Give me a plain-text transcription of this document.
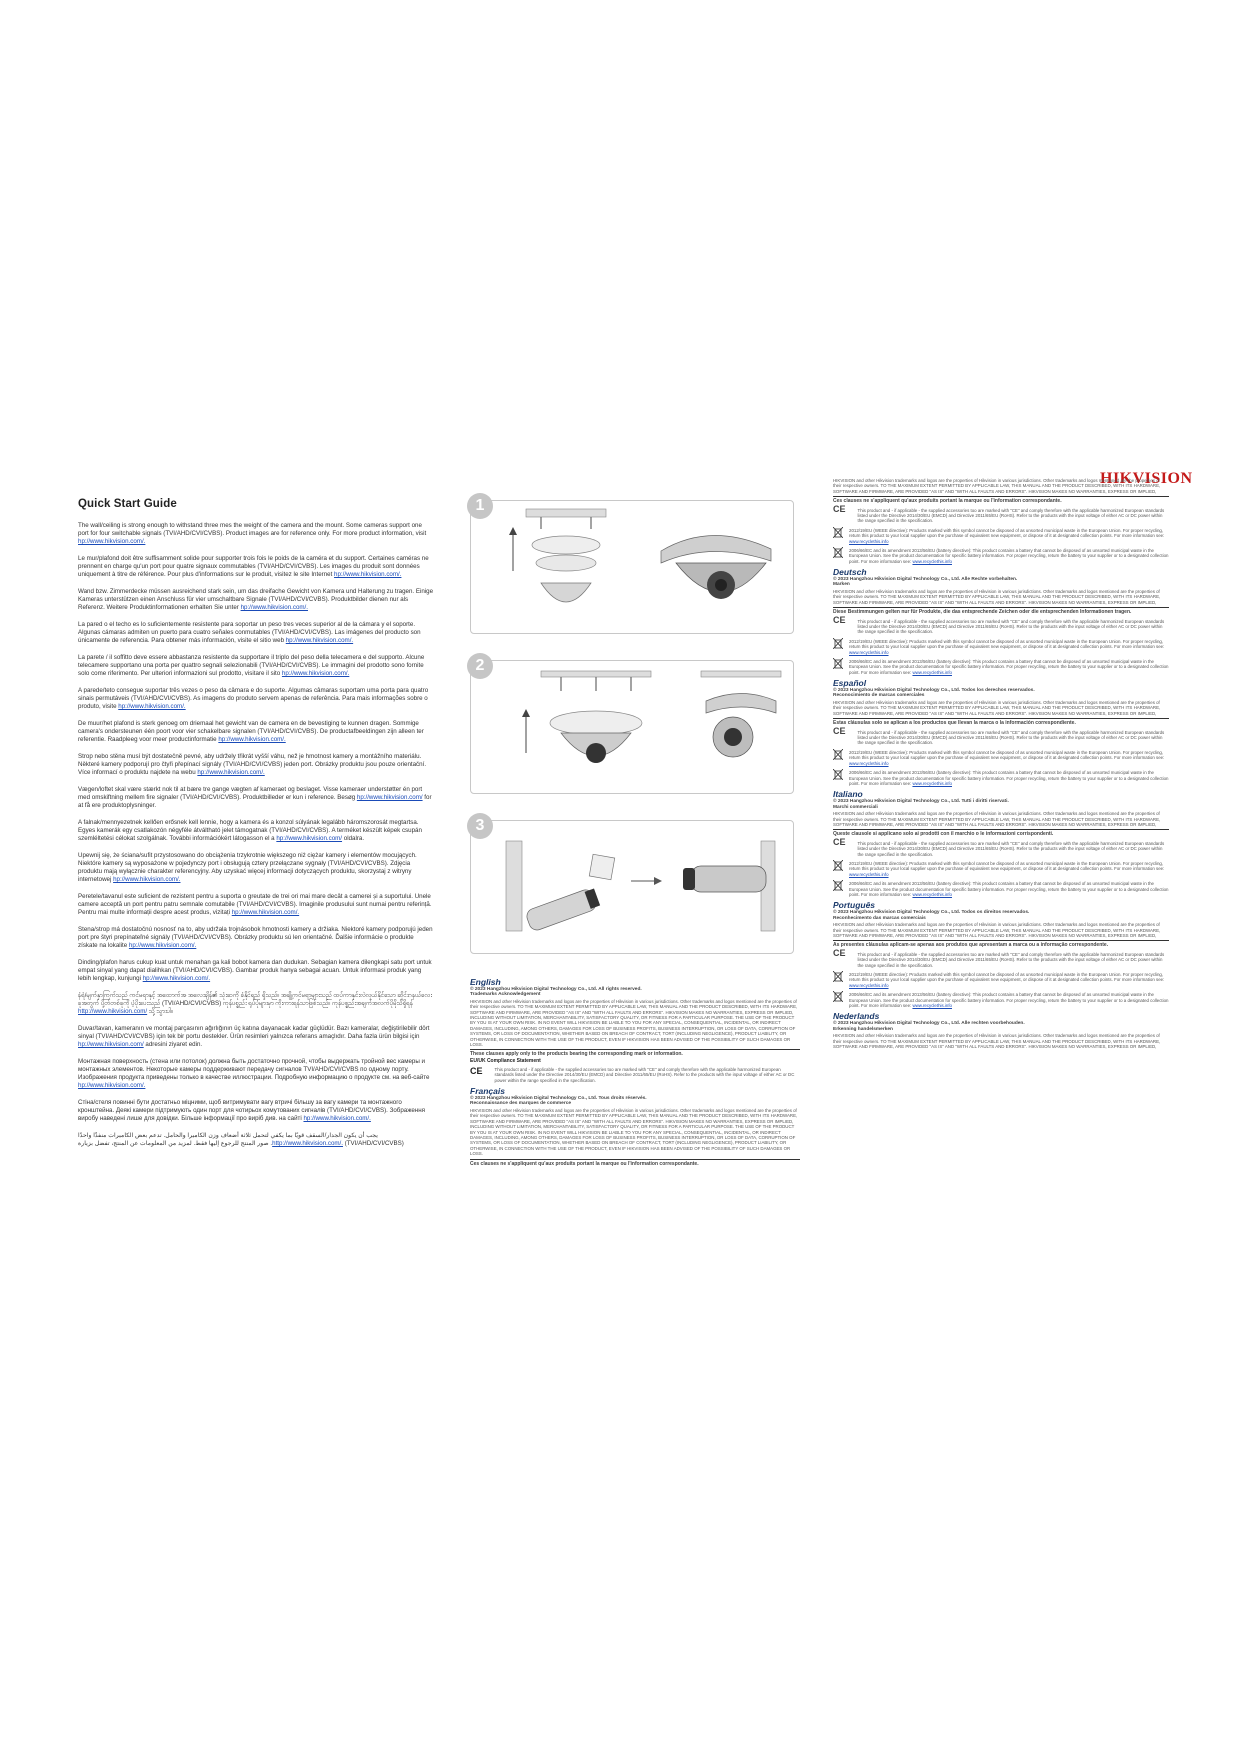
HIKVISION
Quick Start Guide
The wall/ceiling is strong enough to withstand three mes the weight of the camera and the mount. Some cameras support one port for four switchable signals (TVI/AHD/CVI/CVBS). Product images are for reference only. For more product information, visit hp://www.hikvision.com/.
Le mur/plafond doit être suffisamment solide pour supporter trois fois le poids de la caméra et du support. Certaines caméras ne prennent en charge qu'un port pour quatre signaux commutables (TVI/AHD/CVI/CVBS). Les images du produit sont données uniquement à titre de référence. Pour plus d'informations sur le produit, visitez le site Internet hp://www.hikvision.com/.
Wand bzw. Zimmerdecke müssen ausreichend stark sein, um das dreifache Gewicht von Kamera und Halterung zu tragen. Einige Kameras unterstützen einen Anschluss für vier umschaltbare Signale (TVI/AHD/CVI/CVBS). Produktbilder dienen nur als Referenz. Weitere Produktinformationen erhalten Sie unter hp://www.hikvision.com/.
La pared o el techo es lo suficientemente resistente para soportar un peso tres veces superior al de la cámara y el soporte. Algunas cámaras admiten un puerto para cuatro señales conmutables (TVI/AHD/CVI/CVBS). Las imágenes del producto son únicamente de referencia. Para obtener más información, visite el sitio web hp://www.hikvision.com/.
La parete / il soffitto deve essere abbastanza resistente da supportare il triplo del peso della telecamera e del supporto. Alcune telecamere supportano una porta per quattro segnali selezionabili (TVI/AHD/CVI/CVBS). Le immagini del prodotto sono fornite solo come riferimento. Per ulteriori informazioni sul prodotto, visitare il sito hp://www.hikvision.com/.
A parede/teto consegue suportar três vezes o peso da câmara e do suporte. Algumas câmaras suportam uma porta para quatro sinais permutáveis (TVI/AHD/CVI/CVBS). As imagens do produto servem apenas de referência. Para mais informações sobre o produto, visite hp://www.hikvision.com/.
De muur/het plafond is sterk genoeg om driemaal het gewicht van de camera en de bevestiging te kunnen dragen. Sommige camera's ondersteunen één poort voor vier schakelbare signalen (TVI/AHD/CVI/CVBS). De productafbeeldingen zijn alleen ter referentie. Raadpleeg voor meer productinformatie hp://www.hikvision.com/.
Strop nebo stěna musí být dostatečně pevné, aby udržely třikrát vyšší váhu, než je hmotnost kamery a montážního materiálu. Některé kamery podporují pro čtyři přepínací signály (TVI/AHD/CVI/CVBS) jeden port. Obrázky produktu jsou pouze orientační. Více informací o produktu najdete na webu hp://www.hikvision.com/.
Vægen/loftet skal være stærkt nok til at bære tre gange vægten af kameraet og beslaget. Visse kameraer understøtter én port med omskiftning mellem fire signaler (TVI/AHD/CVI/CVBS). Produktbilleder er kun i reference. Besøg hp://www.hikvision.com/ for at få ere produktoplysninger.
A falnak/mennyezetnek kellően erősnek kell lennie, hogy a kamera és a konzol súlyának legalább háromszorosát megtartsa. Egyes kamerák egy csatlakozón négyféle átváltható jelet támogatnak (TVI/AHD/CVI/CVBS). A terméket készült képek csupán szemléltetési célokat szolgálnak. További információkért látogasson el a hp://www.hikvision.com/ oldalra.
Upewnij się, że ściana/sufit przystosowano do obciążenia trzykrotnie większego niż ciężar kamery i elementów mocujących. Niektóre kamery są wyposażone w pojedynczy port i obsługują cztery przełączane sygnały (TVI/AHD/CVI/CVBS). Zdjęcia produktu mają wyłącznie charakter referencyjny. Aby uzyskać więcej informacji dotyczących produktu, skorzystaj z witryny internetowej hp://www.hikvision.com/.
Peretele/tavanul este suficient de rezistent pentru a suporta o greutate de trei ori mai mare decât a camerei și a suportului. Unele camere acceptă un port pentru patru semnale comutabile (TVI/AHD/CVI/CVBS). Imaginile produsului sunt numai pentru referință. Pentru mai multe informații despre acest produs, vizitați hp://www.hikvision.com/.
Stena/strop má dostatočnú nosnosť na to, aby udržala trojnásobok hmotnosti kamery a držiaka. Niektoré kamery podporujú jeden port pre štyri prepínateľné signály (TVI/AHD/CVI/CVBS). Obrázky produktu sú len orientačné. Ďalšie informácie o produkte získate na lokalite hp://www.hikvision.com/.
Dinding/plafon harus cukup kuat untuk menahan ga kali bobot kamera dan dudukan. Sebagian kamera dilengkapi satu port untuk empat sinyal yang dapat dialihkan (TVI/AHD/CVI/CVBS). Gambar produk hanya sebagai acuan. Untuk informasi produk yang lebih lengkap, kunjungi hp://www.hikvision.com/.
နံရံ/မျက်နှာကြက်သည် ကင်မရာနှင့် အထောက်အ အလေးချိန်၏ သုံးဆကို ခံနိုင်ရည် ရှိသည်။ အချို့ကင်မရာများသည် ထပ်ကာနှင်းလဲလှယ်နိုင်သော ဆိုင်းဂနယ်လေးခုအတွက် ပို့တ်တစ်ခုကို ပံ့ပိုးပေးသည် (TVI/AHD/CVI/CVBS) ကုန်ပစ္စည်း ရုပ်ပုံများမှာ ကိုးကားရန်သာဖြစ်သည်။ ကုန်ပစ္စည်းအချက်အလက်ပိုမိုသိရှိရန် http://www.hikvision.com/ သို့ သွားပါ။
Duvar/tavan, kameranın ve montaj parçasının ağırlığının üç katına dayanacak kadar güçlüdür. Bazı kameralar, değiştirilebilir dört sinyal (TVI/AHD/CVI/CVBS) için tek bir portu destekler. Ürün resimleri yalnızca referans amaçlıdır. Daha fazla ürün bilgisi için hp://www.hikvision.com/ adresini ziyaret edin.
Монтажная поверхность (стена или потолок) должна быть достаточно прочной, чтобы выдержать тройной вес камеры и монтажных элементов. Некоторые камеры поддерживают передачу сигналов TVI/AHD/CVI/CVBS по одному порту. Изображения продукта приведены только в качестве иллюстрации. Подробную информацию о продукте см. на веб-сайте hp://www.hikvision.com/.
Стіна/стеля повинні бути достатньо міцними, щоб витримувати вагу втричі більшу за вагу камери та монтажного кронштейна. Деякі камери підтримують один порт для чотирьох комутованих сигналів (TVI/AHD/CVI/CVBS). Зображення виробу наведені лише для довідки. Більше інформації про виріб див. на сайті hp://www.hikvision.com/.
يجب أن يكون الجدار/السقف قويًا بما يكفي لتحمل ثلاثة أضعاف وزن الكاميرا والحامل. تدعم بعض الكاميرات منفذًا واحدًا
http://www.hikvision.com/. (TVI/AHD/CVI/CVBS). صور المنتج للرجوع إليها فقط. لمزيد من المعلومات عن المنتج، تفضل بزيارة
1
2
3
English
© 2023 Hangzhou Hikvision Digital Technology Co., Ltd. All rights reserved.
Trademarks Acknowledgement
HIKVISION and other Hikvision trademarks and logos are the properties of Hikvision in various jurisdictions. Other trademarks and logos mentioned are the properties of their respective owners. TO THE MAXIMUM EXTENT PERMITTED BY APPLICABLE LAW, THIS MANUAL AND THE PRODUCT DESCRIBED, WITH ITS HARDWARE, SOFTWARE AND FIRMWARE, ARE PROVIDED "AS IS" AND "WITH ALL FAULTS AND ERRORS". HIKVISION MAKES NO WARRANTIES, EXPRESS OR IMPLIED, INCLUDING WITHOUT LIMITATION, MERCHANTABILITY, SATISFACTORY QUALITY, OR FITNESS FOR A PARTICULAR PURPOSE. THE USE OF THE PRODUCT BY YOU IS AT YOUR OWN RISK. IN NO EVENT WILL HIKVISION BE LIABLE TO YOU FOR ANY SPECIAL, CONSEQUENTIAL, INCIDENTAL, OR INDIRECT DAMAGES, INCLUDING, AMONG OTHERS, DAMAGES FOR LOSS OF BUSINESS PROFITS, BUSINESS INTERRUPTION, OR LOSS OF DATA, CORRUPTION OF SYSTEMS, OR LOSS OF DOCUMENTATION, WHETHER BASED ON BREACH OF CONTRACT, TORT (INCLUDING NEGLIGENCE), PRODUCT LIABILITY, OR OTHERWISE, IN CONNECTION WITH THE USE OF THE PRODUCT, EVEN IF HIKVISION HAS BEEN ADVISED OF THE POSSIBILITY OF SUCH DAMAGES OR LOSS.
These clauses apply only to the products bearing the corresponding mark or information.
EU/UK Compliance Statement
CE	This product and - if applicable - the supplied accessories too are marked with "CE" and comply therefore with the applicable harmonized European standards listed under the Directive 2014/30/EU (EMCD) and Directive 2011/65/EU (RoHS). Refer to the products with the input voltage of either AC or DC power within the range specified in the specification.
Français
© 2023 Hangzhou Hikvision Digital Technology Co., Ltd. Tous droits réservés.
Reconnaissance des marques de commerce
HIKVISION and other Hikvision trademarks and logos are the properties of Hikvision in various jurisdictions. Other trademarks and logos mentioned are the properties of their respective owners. TO THE MAXIMUM EXTENT PERMITTED BY APPLICABLE LAW, THIS MANUAL AND THE PRODUCT DESCRIBED, WITH ITS HARDWARE, SOFTWARE AND FIRMWARE, ARE PROVIDED "AS IS" AND "WITH ALL FAULTS AND ERRORS". HIKVISION MAKES NO WARRANTIES, EXPRESS OR IMPLIED, INCLUDING WITHOUT LIMITATION, MERCHANTABILITY, SATISFACTORY QUALITY, OR FITNESS FOR A PARTICULAR PURPOSE. THE USE OF THE PRODUCT BY YOU IS AT YOUR OWN RISK. IN NO EVENT WILL HIKVISION BE LIABLE TO YOU FOR ANY SPECIAL, CONSEQUENTIAL, INCIDENTAL, OR INDIRECT DAMAGES, INCLUDING, AMONG OTHERS, DAMAGES FOR LOSS OF BUSINESS PROFITS, BUSINESS INTERRUPTION, OR LOSS OF DATA, CORRUPTION OF SYSTEMS, OR LOSS OF DOCUMENTATION, WHETHER BASED ON BREACH OF CONTRACT, TORT (INCLUDING NEGLIGENCE), PRODUCT LIABILITY, OR OTHERWISE, IN CONNECTION WITH THE USE OF THE PRODUCT, EVEN IF HIKVISION HAS BEEN ADVISED OF THE POSSIBILITY OF SUCH DAMAGES OR LOSS.
Ces clauses ne s'appliquent qu'aux produits portant la marque ou l'information correspondante.
HIKVISION and other Hikvision trademarks and logos are the properties of Hikvision in various jurisdictions. Other trademarks and logos mentioned are the properties of their respective owners. TO THE MAXIMUM EXTENT PERMITTED BY APPLICABLE LAW, THIS MANUAL AND THE PRODUCT DESCRIBED, WITH ITS HARDWARE, SOFTWARE AND FIRMWARE, ARE PROVIDED "AS IS" AND "WITH ALL FAULTS AND ERRORS". HIKVISION MAKES NO WARRANTIES, EXPRESS OR IMPLIED,
Ces clauses ne s'appliquent qu'aux produits portant la marque ou l'information correspondante.
CE	This product and - if applicable - the supplied accessories too are marked with "CE" and comply therefore with the applicable harmonized European standards listed under the Directive 2014/30/EU (EMCD) and Directive 2011/65/EU (RoHS). Refer to the products with the input voltage of either AC or DC power within the range specified in the specification.
2012/19/EU (WEEE directive): Products marked with this symbol cannot be disposed of as unsorted municipal waste in the European Union. For proper recycling, return this product to your local supplier upon the purchase of equivalent new equipment, or dispose of it at designated collection points. For more information see: www.recyclethis.info
2006/66/EC and its amendment 2013/56/EU (battery directive): This product contains a battery that cannot be disposed of as unsorted municipal waste in the European Union. See the product documentation for specific battery information. For proper recycling, return the battery to your supplier or to a designated collection point. For more information see: www.recyclethis.info
Deutsch
© 2023 Hangzhou Hikvision Digital Technology Co., Ltd. Alle Rechte vorbehalten.
Marken
HIKVISION and other Hikvision trademarks and logos are the properties of Hikvision in various jurisdictions. Other trademarks and logos mentioned are the properties of their respective owners. TO THE MAXIMUM EXTENT PERMITTED BY APPLICABLE LAW, THIS MANUAL AND THE PRODUCT DESCRIBED, WITH ITS HARDWARE, SOFTWARE AND FIRMWARE, ARE PROVIDED "AS IS" AND "WITH ALL FAULTS AND ERRORS". HIKVISION MAKES NO WARRANTIES, EXPRESS OR IMPLIED,
Diese Bestimmungen gelten nur für Produkte, die das entsprechende Zeichen oder die entsprechenden Informationen tragen.
CE	This product and - if applicable - the supplied accessories too are marked with "CE" and comply therefore with the applicable harmonized European standards listed under the Directive 2014/30/EU (EMCD) and Directive 2011/65/EU (RoHS). Refer to the products with the input voltage of either AC or DC power within the range specified in the specification.
2012/19/EU (WEEE directive): Products marked with this symbol cannot be disposed of as unsorted municipal waste in the European Union. For proper recycling, return this product to your local supplier upon the purchase of equivalent new equipment, or dispose of it at designated collection points. For more information see: www.recyclethis.info
2006/66/EC and its amendment 2013/56/EU (battery directive): This product contains a battery that cannot be disposed of as unsorted municipal waste in the European Union. See the product documentation for specific battery information. For proper recycling, return the battery to your supplier or to a designated collection point. For more information see: www.recyclethis.info
Español
© 2023 Hangzhou Hikvision Digital Technology Co., Ltd. Todos los derechos reservados.
Reconocimiento de marcas comerciales
HIKVISION and other Hikvision trademarks and logos are the properties of Hikvision in various jurisdictions. Other trademarks and logos mentioned are the properties of their respective owners. TO THE MAXIMUM EXTENT PERMITTED BY APPLICABLE LAW, THIS MANUAL AND THE PRODUCT DESCRIBED, WITH ITS HARDWARE, SOFTWARE AND FIRMWARE, ARE PROVIDED "AS IS" AND "WITH ALL FAULTS AND ERRORS". HIKVISION MAKES NO WARRANTIES, EXPRESS OR IMPLIED,
Estas cláusulas solo se aplican a los productos que llevan la marca o la información correspondiente.
CE	This product and - if applicable - the supplied accessories too are marked with "CE" and comply therefore with the applicable harmonized European standards listed under the Directive 2014/30/EU (EMCD) and Directive 2011/65/EU (RoHS). Refer to the products with the input voltage of either AC or DC power within the range specified in the specification.
2012/19/EU (WEEE directive): Products marked with this symbol cannot be disposed of as unsorted municipal waste in the European Union. For proper recycling, return this product to your local supplier upon the purchase of equivalent new equipment, or dispose of it at designated collection points. For more information see: www.recyclethis.info
2006/66/EC and its amendment 2013/56/EU (battery directive): This product contains a battery that cannot be disposed of as unsorted municipal waste in the European Union. See the product documentation for specific battery information. For proper recycling, return the battery to your supplier or to a designated collection point. For more information see: www.recyclethis.info
Italiano
© 2023 Hangzhou Hikvision Digital Technology Co., Ltd. Tutti i diritti riservati.
Marchi commerciali
HIKVISION and other Hikvision trademarks and logos are the properties of Hikvision in various jurisdictions. Other trademarks and logos mentioned are the properties of their respective owners. TO THE MAXIMUM EXTENT PERMITTED BY APPLICABLE LAW, THIS MANUAL AND THE PRODUCT DESCRIBED, WITH ITS HARDWARE, SOFTWARE AND FIRMWARE, ARE PROVIDED "AS IS" AND "WITH ALL FAULTS AND ERRORS". HIKVISION MAKES NO WARRANTIES, EXPRESS OR IMPLIED,
Queste clausole si applicano solo ai prodotti con il marchio o le informazioni corrispondenti.
CE	This product and - if applicable - the supplied accessories too are marked with "CE" and comply therefore with the applicable harmonized European standards listed under the Directive 2014/30/EU (EMCD) and Directive 2011/65/EU (RoHS). Refer to the products with the input voltage of either AC or DC power within the range specified in the specification.
2012/19/EU (WEEE directive): Products marked with this symbol cannot be disposed of as unsorted municipal waste in the European Union. For proper recycling, return this product to your local supplier upon the purchase of equivalent new equipment, or dispose of it at designated collection points. For more information see: www.recyclethis.info
2006/66/EC and its amendment 2013/56/EU (battery directive): This product contains a battery that cannot be disposed of as unsorted municipal waste in the European Union. See the product documentation for specific battery information. For proper recycling, return the battery to your supplier or to a designated collection point. For more information see: www.recyclethis.info
Português
© 2023 Hangzhou Hikvision Digital Technology Co., Ltd. Todos os direitos reservados.
Reconhecimento das marcas comerciais
HIKVISION and other Hikvision trademarks and logos are the properties of Hikvision in various jurisdictions. Other trademarks and logos mentioned are the properties of their respective owners. TO THE MAXIMUM EXTENT PERMITTED BY APPLICABLE LAW, THIS MANUAL AND THE PRODUCT DESCRIBED, WITH ITS HARDWARE, SOFTWARE AND FIRMWARE, ARE PROVIDED "AS IS" AND "WITH ALL FAULTS AND ERRORS". HIKVISION MAKES NO WARRANTIES, EXPRESS OR IMPLIED,
As presentes cláusulas aplicam-se apenas aos produtos que apresentam a marca ou a informação correspondente.
CE	This product and - if applicable - the supplied accessories too are marked with "CE" and comply therefore with the applicable harmonized European standards listed under the Directive 2014/30/EU (EMCD) and Directive 2011/65/EU (RoHS). Refer to the products with the input voltage of either AC or DC power within the range specified in the specification.
2012/19/EU (WEEE directive): Products marked with this symbol cannot be disposed of as unsorted municipal waste in the European Union. For proper recycling, return this product to your local supplier upon the purchase of equivalent new equipment, or dispose of it at designated collection points. For more information see: www.recyclethis.info
2006/66/EC and its amendment 2013/56/EU (battery directive): This product contains a battery that cannot be disposed of as unsorted municipal waste in the European Union. See the product documentation for specific battery information. For proper recycling, return the battery to your supplier or to a designated collection point. For more information see: www.recyclethis.info
Nederlands
© 2023 Hangzhou Hikvision Digital Technology Co., Ltd. Alle rechten voorbehouden.
Erkenning handelsmerken
HIKVISION and other Hikvision trademarks and logos are the properties of Hikvision in various jurisdictions. Other trademarks and logos mentioned are the properties of their respective owners. TO THE MAXIMUM EXTENT PERMITTED BY APPLICABLE LAW, THIS MANUAL AND THE PRODUCT DESCRIBED, WITH ITS HARDWARE, SOFTWARE AND FIRMWARE, ARE PROVIDED "AS IS" AND "WITH ALL FAULTS AND ERRORS". HIKVISION MAKES NO WARRANTIES, EXPRESS OR IMPLIED,
